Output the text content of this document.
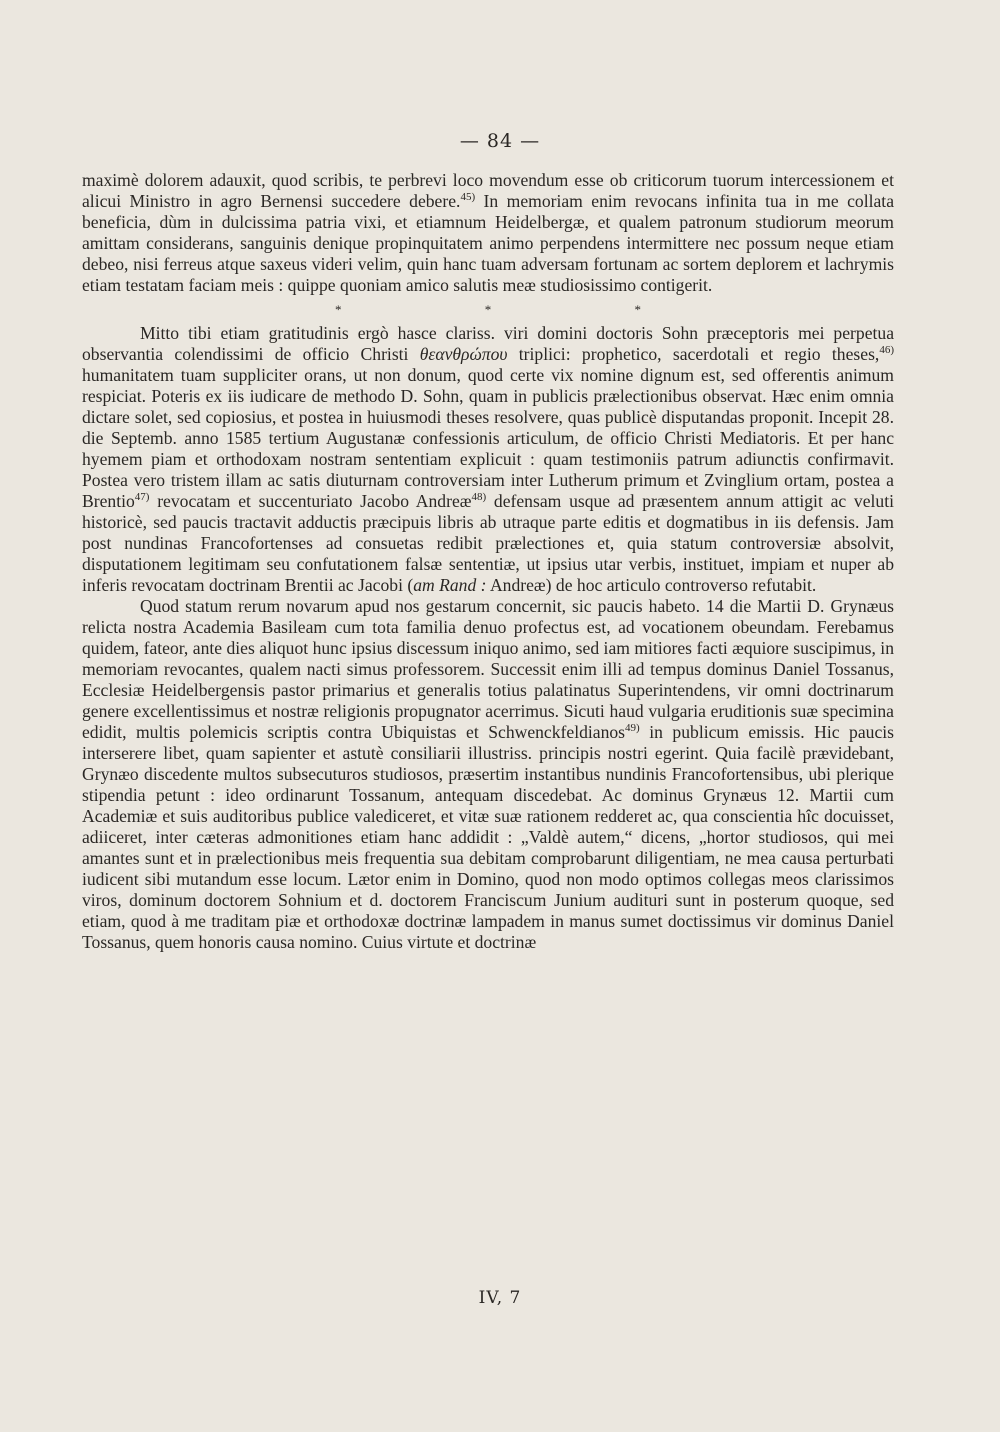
— 84 —

maximè dolorem adauxit, quod scribis, te perbrevi loco movendum esse ob criticorum tuorum intercessionem et alicui Ministro in agro Bernensi succedere debere.$^{45)}$ In memoriam enim revocans infinita tua in me collata beneficia, dùm in dulcissima patria vixi, et etiamnum Heidelbergæ, et qualem patronum studiorum meorum amittam considerans, sanguinis denique propinquitatem animo perpendens intermittere nec possum neque etiam debeo, nisi ferreus atque saxeus videri velim, quin hanc tuam adversam fortunam ac sortem deplorem et lachrymis etiam testatam faciam meis : quippe quoniam amico salutis meæ studiosissimo contigerit.

* * *

Mitto tibi etiam gratitudinis ergò hasce clariss. viri domini doctoris Sohn præceptoris mei perpetua observantia colendissimi de officio Christi θεανθρώπου triplici: prophetico, sacerdotali et regio theses,$^{46)}$ humanitatem tuam suppliciter orans, ut non donum, quod certe vix nomine dignum est, sed offerentis animum respiciat. Poteris ex iis iudicare de methodo D. Sohn, quam in publicis prælectionibus observat. Hæc enim omnia dictare solet, sed copiosius, et postea in huiusmodi theses resolvere, quas publicè disputandas proponit. Incepit 28. die Septemb. anno 1585 tertium Augustanæ confessionis articulum, de officio Christi Mediatoris. Et per hanc hyemem piam et orthodoxam nostram sententiam explicuit : quam testimoniis patrum adiunctis confirmavit. Postea vero tristem illam ac satis diuturnam controversiam inter Lutherum primum et Zvinglium ortam, postea a Brentio$^{47)}$ revocatam et succenturiato Jacobo Andreæ$^{48)}$ defensam usque ad præsentem annum attigit ac veluti historicè, sed paucis tractavit adductis præcipuis libris ab utraque parte editis et dogmatibus in iis defensis. Jam post nundinas Francofortenses ad consuetas redibit prælectiones et, quia statum controversiæ absolvit, disputationem legitimam seu confutationem falsæ sententiæ, ut ipsius utar verbis, instituet, impiam et nuper ab inferis revocatam doctrinam Brentii ac Jacobi (am Rand : Andreæ) de hoc articulo controverso refutabit.

Quod statum rerum novarum apud nos gestarum concernit, sic paucis habeto. 14 die Martii D. Grynæus relicta nostra Academia Basileam cum tota familia denuo profectus est, ad vocationem obeundam. Ferebamus quidem, fateor, ante dies aliquot hunc ipsius discessum iniquo animo, sed iam mitiores facti æquiore suscipimus, in memoriam revocantes, qualem nacti simus professorem. Successit enim illi ad tempus dominus Daniel Tossanus, Ecclesiæ Heidelbergensis pastor primarius et generalis totius palatinatus Superintendens, vir omni doctrinarum genere excellentissimus et nostræ religionis propugnator acerrimus. Sicuti haud vulgaria eruditionis suæ specimina edidit, multis polemicis scriptis contra Ubiquistas et Schwenckfeldianos$^{49)}$ in publicum emissis. Hic paucis interserere libet, quam sapienter et astutè consiliarii illustriss. principis nostri egerint. Quia facilè prævidebant, Grynæo discedente multos subsecuturos studiosos, præsertim instantibus nundinis Francofortensibus, ubi plerique stipendia petunt : ideo ordinarunt Tossanum, antequam discedebat. Ac dominus Grynæus 12. Martii cum Academiæ et suis auditoribus publice valediceret, et vitæ suæ rationem redderet ac, qua conscientia hîc docuisset, adiiceret, inter cæteras admonitiones etiam hanc addidit : „Valdè autem,“ dicens, „hortor studiosos, qui mei amantes sunt et in prælectionibus meis frequentia sua debitam comprobarunt diligentiam, ne mea causa perturbati iudicent sibi mutandum esse locum. Lætor enim in Domino, quod non modo optimos collegas meos clarissimos viros, dominum doctorem Sohnium et d. doctorem Franciscum Junium audituri sunt in posterum quoque, sed etiam, quod à me traditam piæ et orthodoxæ doctrinæ lampadem in manus sumet doctissimus vir dominus Daniel Tossanus, quem honoris causa nomino. Cuius virtute et doctrinæ

IV, 7
